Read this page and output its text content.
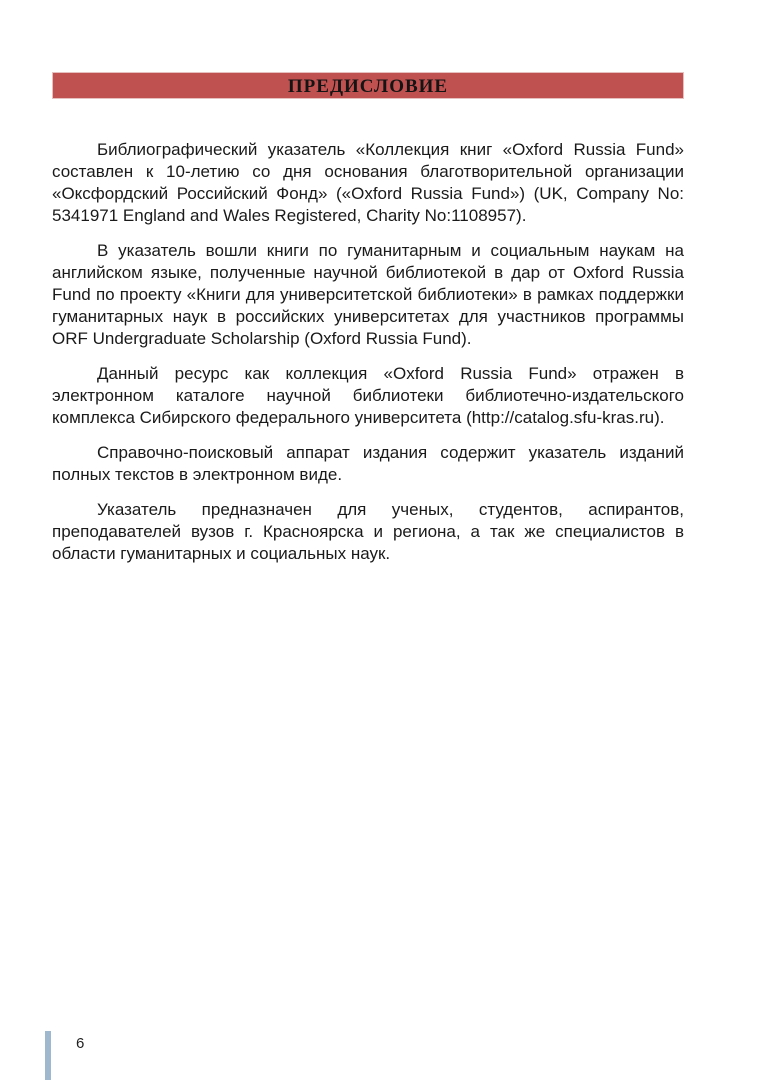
ПРЕДИСЛОВИЕ

Библиографический указатель «Коллекция книг «Oxford Russia Fund» составлен к 10-летию со дня основания благотворительной организации «Оксфордский Российский Фонд» («Oxford Russia Fund») (UK, Company No: 5341971 England and Wales Registered, Charity No:1108957).

В указатель вошли книги по гуманитарным и социальным наукам на английском языке, полученные научной библиотекой в дар от Oxford Russia Fund по проекту «Книги для университетской библиотеки» в рамках поддержки гуманитарных наук в российских университетах для участников программы ORF Undergraduate Scholarship (Oxford Russia Fund).

Данный ресурс как коллекция «Oxford Russia Fund» отражен в электронном каталоге научной библиотеки библиотечно-издательского комплекса Сибирского федерального университета (http://catalog.sfu-kras.ru).

Справочно-поисковый аппарат издания содержит указатель изданий полных текстов в электронном виде.

Указатель предназначен для ученых, студентов, аспирантов, преподавателей вузов г. Красноярска и региона, а так же специалистов в области гуманитарных и социальных наук.

6
